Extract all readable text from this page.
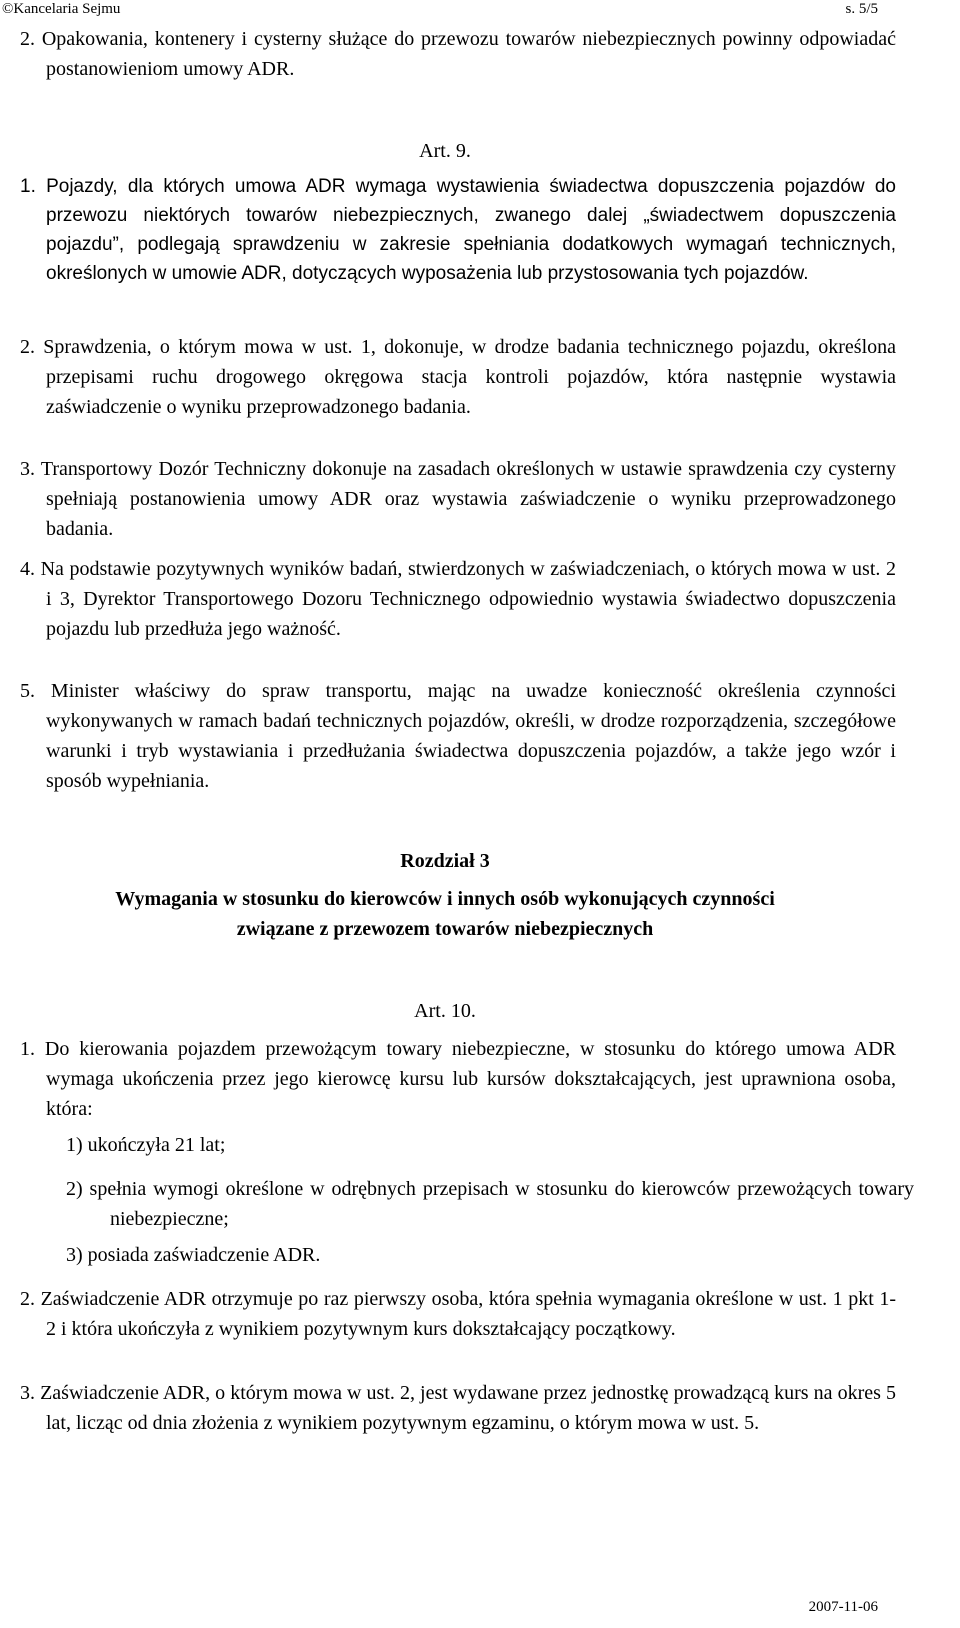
©Kancelaria Sejmu	s. 5/5
2. Opakowania, kontenery i cysterny służące do przewozu towarów niebezpiecznych powinny odpowiadać postanowieniom umowy ADR.
Art. 9.
1. Pojazdy, dla których umowa ADR wymaga wystawienia świadectwa dopuszczenia pojazdów do przewozu niektórych towarów niebezpiecznych, zwanego dalej „świadectwem dopuszczenia pojazdu”, podlegają sprawdzeniu w zakresie spełniania dodatkowych wymagań technicznych, określonych w umowie ADR, dotyczących wyposażenia lub przystosowania tych pojazdów.
2. Sprawdzenia, o którym mowa w ust. 1, dokonuje, w drodze badania technicznego pojazdu, określona przepisami ruchu drogowego okręgowa stacja kontroli pojazdów, która następnie wystawia zaświadczenie o wyniku przeprowadzonego badania.
3. Transportowy Dozór Techniczny dokonuje na zasadach określonych w ustawie sprawdzenia czy cysterny spełniają postanowienia umowy ADR oraz wystawia zaświadczenie o wyniku przeprowadzonego badania.
4. Na podstawie pozytywnych wyników badań, stwierdzonych w zaświadczeniach, o których mowa w ust. 2 i 3, Dyrektor Transportowego Dozoru Technicznego odpowiednio wystawia świadectwo dopuszczenia pojazdu lub przedłuża jego ważność.
5. Minister właściwy do spraw transportu, mając na uwadze konieczność określenia czynności wykonywanych w ramach badań technicznych pojazdów, określi, w drodze rozporządzenia, szczegółowe warunki i tryb wystawiania i przedłużania świadectwa dopuszczenia pojazdów, a także jego wzór i sposób wypełniania.
Rozdział 3
Wymagania w stosunku do kierowców i innych osób wykonujących czynności
związane z przewozem towarów niebezpiecznych
Art. 10.
1. Do kierowania pojazdem przewożącym towary niebezpieczne, w stosunku do którego umowa ADR wymaga ukończenia przez jego kierowcę kursu lub kursów dokształcających, jest uprawniona osoba, która:
1) ukończyła 21 lat;
2) spełnia wymogi określone w odrębnych przepisach w stosunku do kierowców przewożących towary niebezpieczne;
3) posiada zaświadczenie ADR.
2. Zaświadczenie ADR otrzymuje po raz pierwszy osoba, która spełnia wymagania określone w ust. 1 pkt 1-2 i która ukończyła z wynikiem pozytywnym kurs dokształcający początkowy.
3. Zaświadczenie ADR, o którym mowa w ust. 2, jest wydawane przez jednostkę prowadzącą kurs na okres 5 lat, licząc od dnia złożenia z wynikiem pozytywnym egzaminu, o którym mowa w ust. 5.
2007-11-06
